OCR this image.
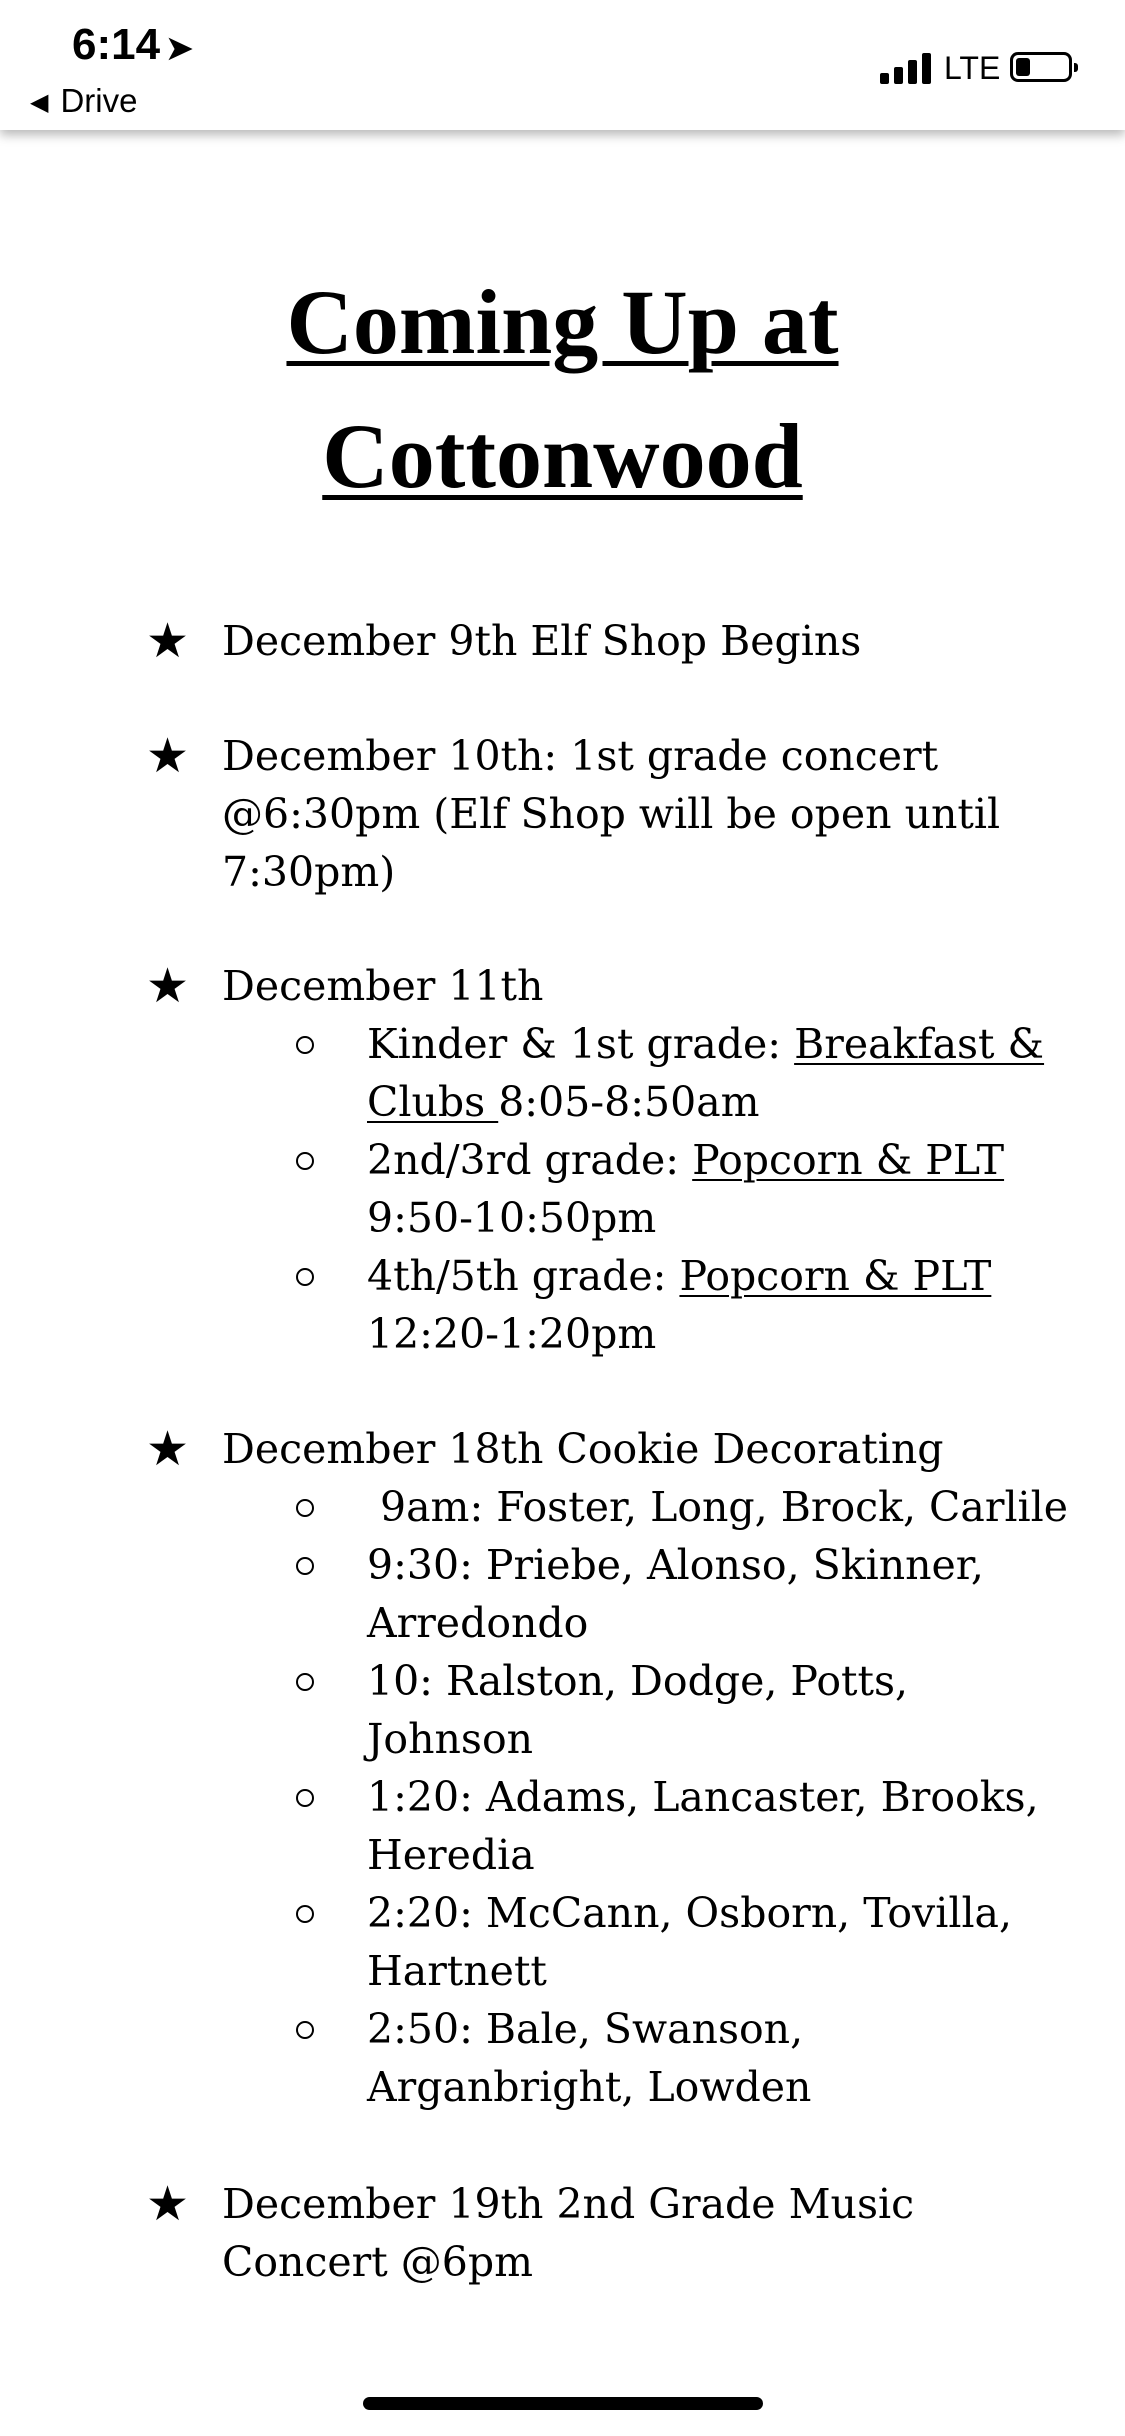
6:14 ➤
◀ Drive
LTE
Coming Up at
Cottonwood
★ December 9th Elf Shop Begins
★ December 10th: 1st grade concert
@6:30pm (Elf Shop will be open until
7:30pm)
★ December 11th
Kinder & 1st grade: Breakfast &
Clubs 8:05-8:50am
2nd/3rd grade: Popcorn & PLT
9:50-10:50pm
4th/5th grade: Popcorn & PLT
12:20-1:20pm
★ December 18th Cookie Decorating
9am: Foster, Long, Brock, Carlile
9:30: Priebe, Alonso, Skinner,
Arredondo
10: Ralston, Dodge, Potts,
Johnson
1:20: Adams, Lancaster, Brooks,
Heredia
2:20: McCann, Osborn, Tovilla,
Hartnett
2:50: Bale, Swanson,
Arganbright, Lowden
★ December 19th 2nd Grade Music
Concert @6pm
